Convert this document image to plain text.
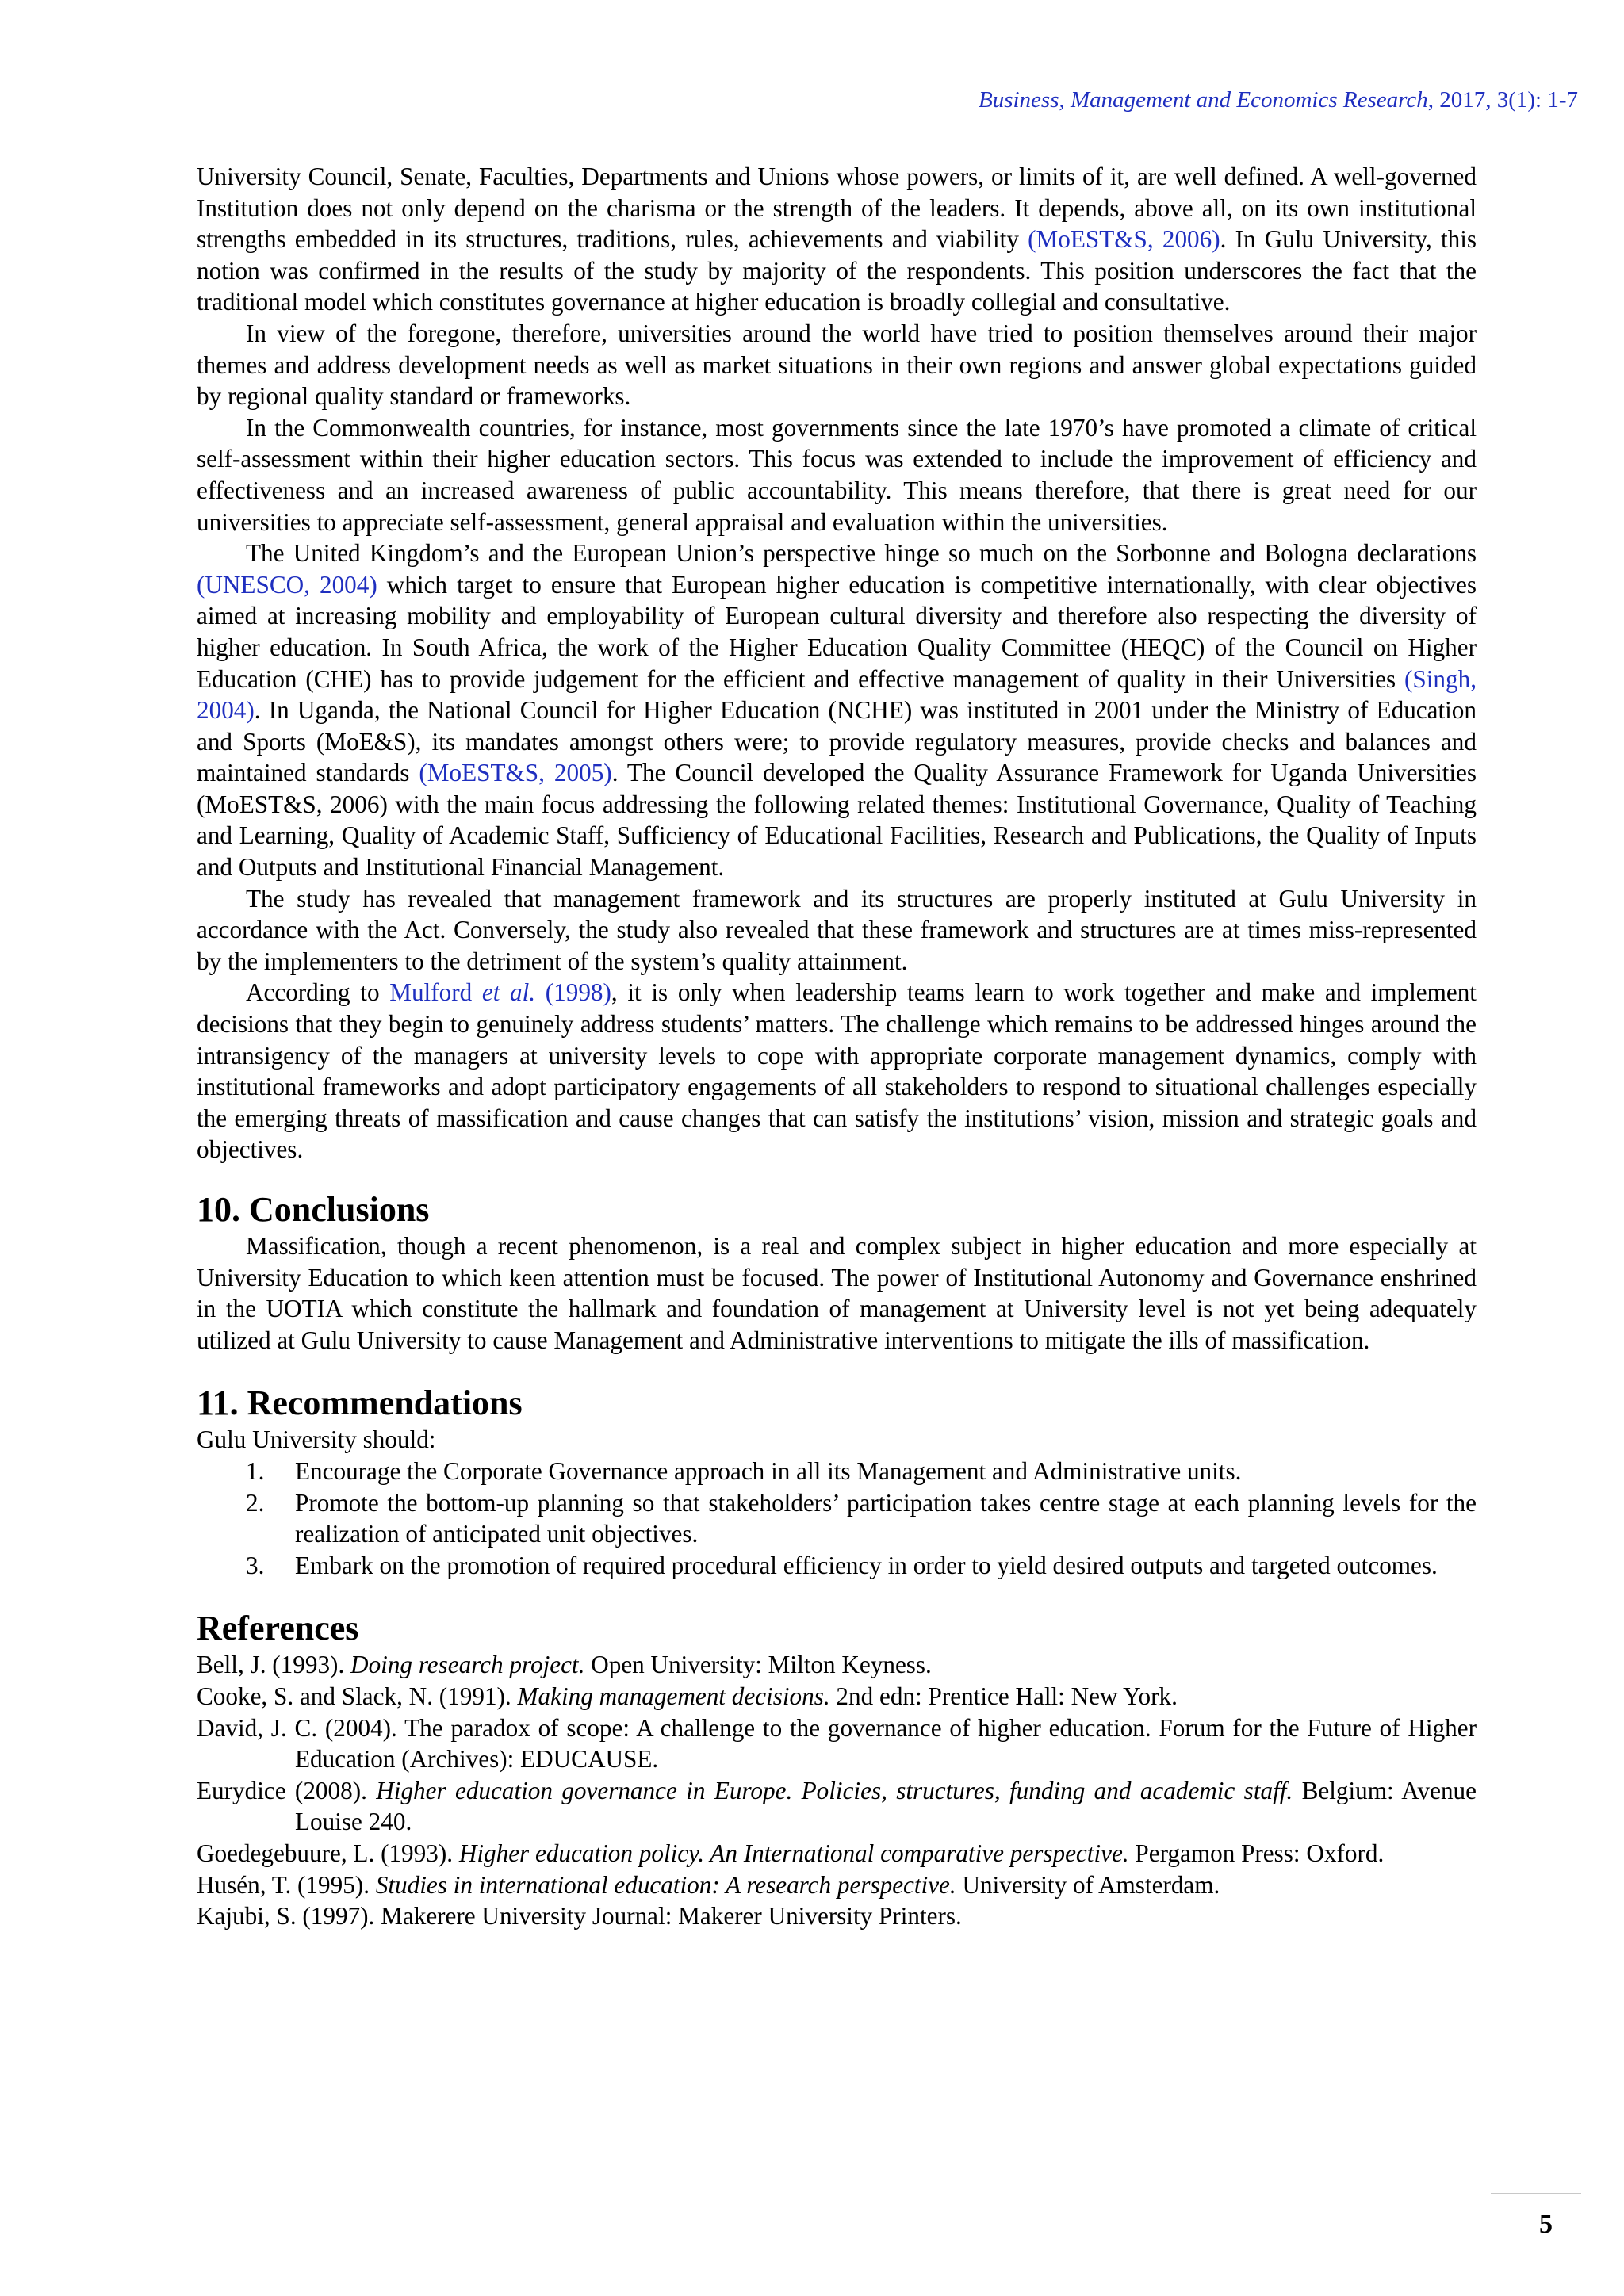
Business, Management and Economics Research, 2017, 3(1): 1-7

University Council, Senate, Faculties, Departments and Unions whose powers, or limits of it, are well defined. A well-governed Institution does not only depend on the charisma or the strength of the leaders. It depends, above all, on its own institutional strengths embedded in its structures, traditions, rules, achievements and viability (MoEST&S, 2006). In Gulu University, this notion was confirmed in the results of the study by majority of the respondents. This position underscores the fact that the traditional model which constitutes governance at higher education is broadly collegial and consultative.

In view of the foregone, therefore, universities around the world have tried to position themselves around their major themes and address development needs as well as market situations in their own regions and answer global expectations guided by regional quality standard or frameworks.

In the Commonwealth countries, for instance, most governments since the late 1970’s have promoted a climate of critical self-assessment within their higher education sectors. This focus was extended to include the improvement of efficiency and effectiveness and an increased awareness of public accountability. This means therefore, that there is great need for our universities to appreciate self-assessment, general appraisal and evaluation within the universities.

The United Kingdom’s and the European Union’s perspective hinge so much on the Sorbonne and Bologna declarations (UNESCO, 2004) which target to ensure that European higher education is competitive internationally, with clear objectives aimed at increasing mobility and employability of European cultural diversity and therefore also respecting the diversity of higher education. In South Africa, the work of the Higher Education Quality Committee (HEQC) of the Council on Higher Education (CHE) has to provide judgement for the efficient and effective management of quality in their Universities (Singh, 2004). In Uganda, the National Council for Higher Education (NCHE) was instituted in 2001 under the Ministry of Education and Sports (MoE&S), its mandates amongst others were; to provide regulatory measures, provide checks and balances and maintained standards (MoEST&S, 2005). The Council developed the Quality Assurance Framework for Uganda Universities (MoEST&S, 2006) with the main focus addressing the following related themes: Institutional Governance, Quality of Teaching and Learning, Quality of Academic Staff, Sufficiency of Educational Facilities, Research and Publications, the Quality of Inputs and Outputs and Institutional Financial Management.

The study has revealed that management framework and its structures are properly instituted at Gulu University in accordance with the Act. Conversely, the study also revealed that these framework and structures are at times miss-represented by the implementers to the detriment of the system’s quality attainment.

According to Mulford et al. (1998), it is only when leadership teams learn to work together and make and implement decisions that they begin to genuinely address students’ matters. The challenge which remains to be addressed hinges around the intransigency of the managers at university levels to cope with appropriate corporate management dynamics, comply with institutional frameworks and adopt participatory engagements of all stakeholders to respond to situational challenges especially the emerging threats of massification and cause changes that can satisfy the institutions’ vision, mission and strategic goals and objectives.

10. Conclusions

Massification, though a recent phenomenon, is a real and complex subject in higher education and more especially at University Education to which keen attention must be focused. The power of Institutional Autonomy and Governance enshrined in the UOTIA which constitute the hallmark and foundation of management at University level is not yet being adequately utilized at Gulu University to cause Management and Administrative interventions to mitigate the ills of massification.

11. Recommendations

Gulu University should:

1. Encourage the Corporate Governance approach in all its Management and Administrative units.
2. Promote the bottom-up planning so that stakeholders’ participation takes centre stage at each planning levels for the realization of anticipated unit objectives.
3. Embark on the promotion of required procedural efficiency in order to yield desired outputs and targeted outcomes.
References

Bell, J. (1993). Doing research project. Open University: Milton Keyness.

Cooke, S. and Slack, N. (1991). Making management decisions. 2nd edn: Prentice Hall: New York.

David, J. C. (2004). The paradox of scope: A challenge to the governance of higher education. Forum for the Future of Higher Education (Archives): EDUCAUSE.

Eurydice (2008). Higher education governance in Europe. Policies, structures, funding and academic staff. Belgium: Avenue Louise 240.

Goedegebuure, L. (1993). Higher education policy. An International comparative perspective. Pergamon Press: Oxford.

Husén, T. (1995). Studies in international education: A research perspective. University of Amsterdam.

Kajubi, S. (1997). Makerere University Journal: Makerer University Printers.

5
